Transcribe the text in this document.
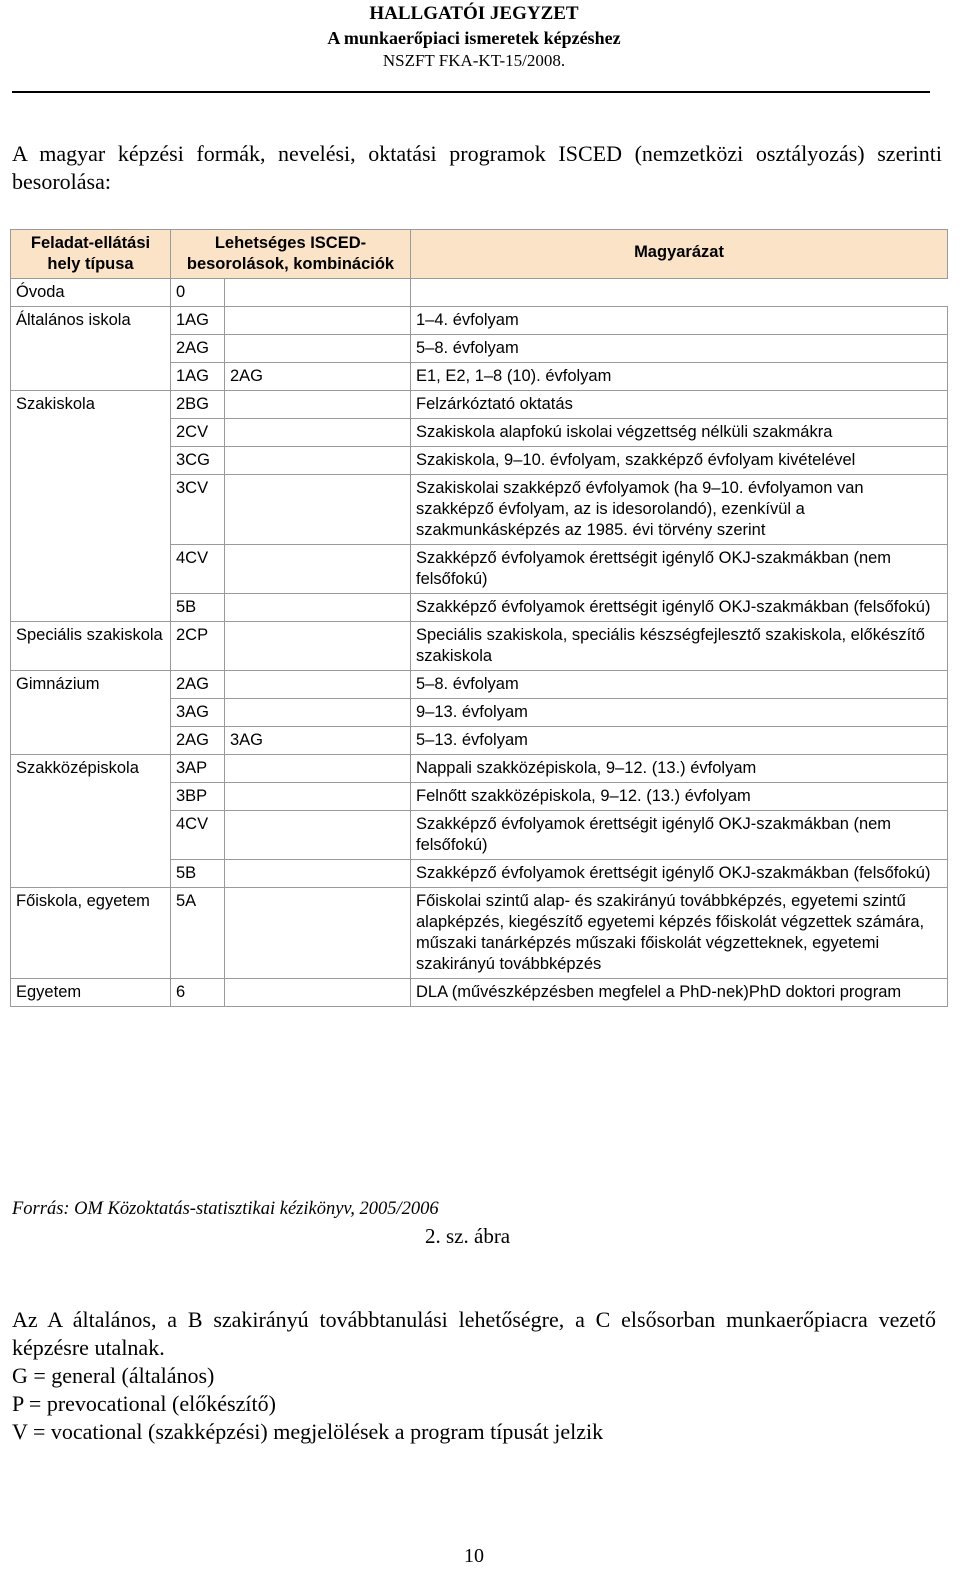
HALLGATÓI JEGYZET
A munkaerőpiaci ismeretek képzéshez
NSZFT FKA-KT-15/2008.
A magyar képzési formák, nevelési, oktatási programok ISCED (nemzetközi osztályozás) szerinti besorolása:
Feladat-ellátási hely típusa	Lehetséges ISCED-besorolások, kombinációk		Magyarázat
Óvoda	0		
Általános iskola	1AG		1–4. évfolyam
	2AG		5–8. évfolyam
	1AG	2AG	E1, E2, 1–8 (10). évfolyam
Szakiskola	2BG		Felzárkóztató oktatás
	2CV		Szakiskola alapfokú iskolai végzettség nélküli szakmákra
	3CG		Szakiskola, 9–10. évfolyam, szakképző évfolyam kivételével
	3CV		Szakiskolai szakképző évfolyamok (ha 9–10. évfolyamon van szakképző évfolyam, az is idesorolandó), ezenkívül a szakmunkásképzés az 1985. évi törvény szerint
	4CV		Szakképző évfolyamok érettségit igénylő OKJ-szakmákban (nem felsőfokú)
	5B		Szakképző évfolyamok érettségit igénylő OKJ-szakmákban (felsőfokú)
Speciális szakiskola	2CP		Speciális szakiskola, speciális készségfejlesztő szakiskola, előkészítő szakiskola
Gimnázium	2AG		5–8. évfolyam
	3AG		9–13. évfolyam
	2AG	3AG	5–13. évfolyam
Szakközépiskola	3AP		Nappali szakközépiskola, 9–12. (13.) évfolyam
	3BP		Felnőtt szakközépiskola, 9–12. (13.) évfolyam
	4CV		Szakképző évfolyamok érettségit igénylő OKJ-szakmákban (nem felsőfokú)
	5B		Szakképző évfolyamok érettségit igénylő OKJ-szakmákban (felsőfokú)
Főiskola, egyetem	5A		Főiskolai szintű alap- és szakirányú továbbképzés, egyetemi szintű alapképzés, kiegészítő egyetemi képzés főiskolát végzettek számára, műszaki tanárképzés műszaki főiskolát végzetteknek, egyetemi szakirányú továbbképzés
Egyetem	6		DLA (művészképzésben megfelel a PhD-nek)PhD doktori program
Forrás: OM Közoktatás-statisztikai kézikönyv, 2005/2006
2. sz. ábra

Az A általános, a B szakirányú továbbtanulási lehetőségre, a C elsősorban munkaerőpiacra vezető képzésre utalnak.

G = general (általános)

P = prevocational (előkészítő)

V = vocational (szakképzési) megjelölések a program típusát jelzik

10
